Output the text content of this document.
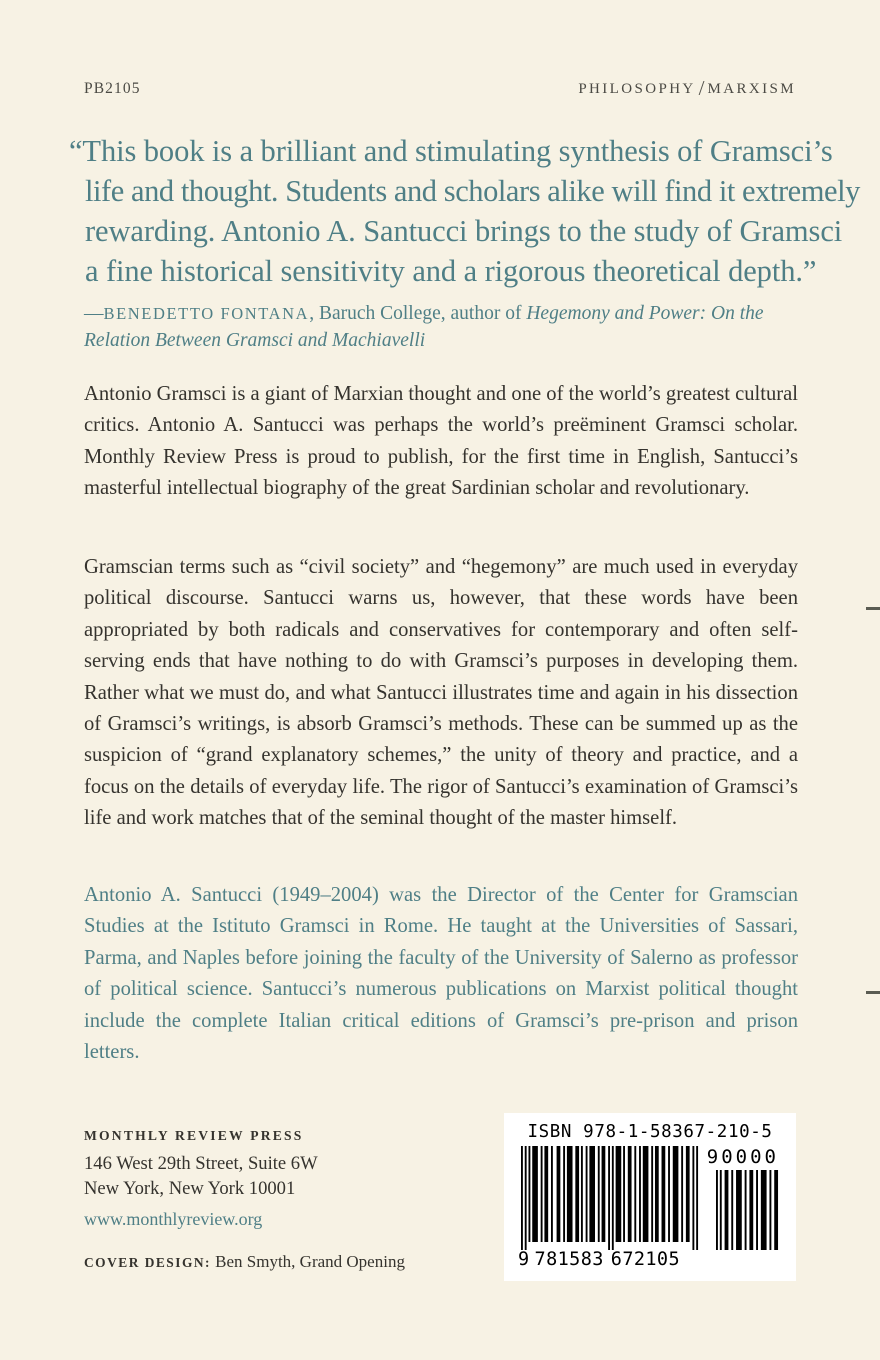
PB2105	PHILOSOPHY / MARXISM
“This book is a brilliant and stimulating synthesis of Gramsci’s
life and thought. Students and scholars alike will find it extremely
rewarding. Antonio A. Santucci brings to the study of Gramsci
a fine historical sensitivity and a rigorous theoretical depth.”
—BENEDETTO FONTANA, Baruch College, author of Hegemony and Power: On the Relation Between Gramsci and Machiavelli
Antonio Gramsci is a giant of Marxian thought and one of the world’s greatest cultural critics. Antonio A. Santucci was perhaps the world’s preëminent Gramsci scholar. Monthly Review Press is proud to publish, for the first time in English, Santucci’s masterful intellectual biography of the great Sardinian scholar and revolutionary.
Gramscian terms such as “civil society” and “hegemony” are much used in everyday political discourse. Santucci warns us, however, that these words have been appropriated by both radicals and conservatives for contemporary and often self-serving ends that have nothing to do with Gramsci’s purposes in developing them. Rather what we must do, and what Santucci illustrates time and again in his dissection of Gramsci’s writings, is absorb Gramsci’s methods. These can be summed up as the suspicion of “grand explanatory schemes,” the unity of theory and practice, and a focus on the details of everyday life. The rigor of Santucci’s examination of Gramsci’s life and work matches that of the seminal thought of the master himself.
Antonio A. Santucci (1949–2004) was the Director of the Center for Gramscian Studies at the Istituto Gramsci in Rome. He taught at the Universities of Sassari, Parma, and Naples before joining the faculty of the University of Salerno as professor of political science. Santucci’s numerous publications on Marxist political thought include the complete Italian critical editions of Gramsci’s pre-prison and prison letters.
MONTHLY REVIEW PRESS
146 West 29th Street, Suite 6W
New York, New York 10001
www.monthlyreview.org
COVER DESIGN: Ben Smyth, Grand Opening
ISBN 978-1-58367-210-5
90000
9 781583 672105
